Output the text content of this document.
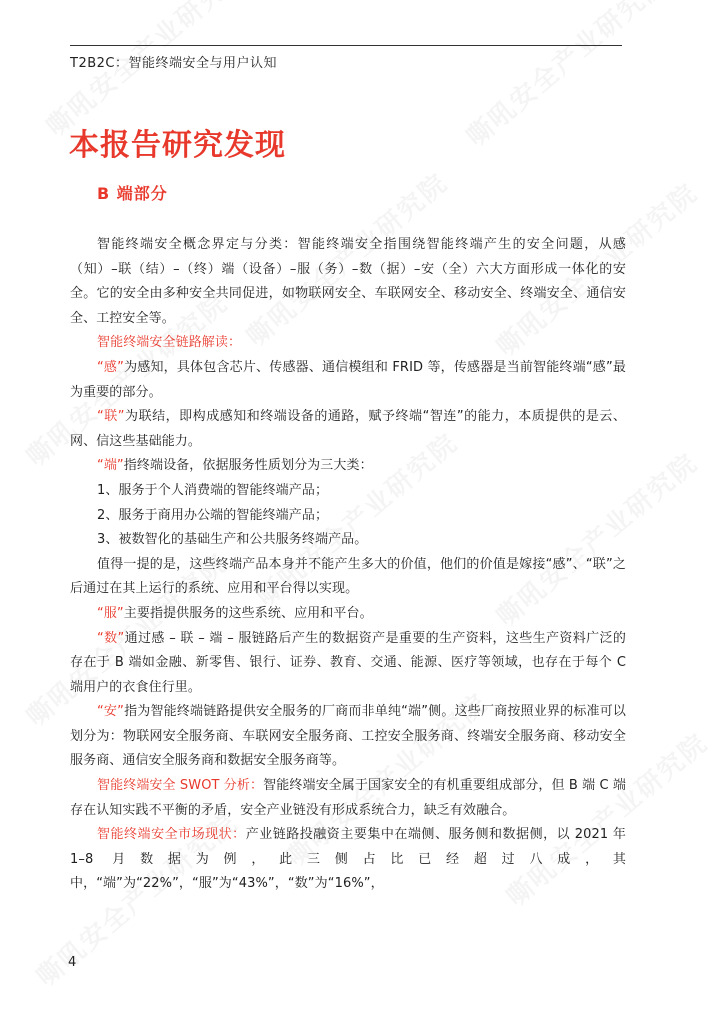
T2B2C：智能终端安全与用户认知
本报告研究发现
B 端部分

智能终端安全概念界定与分类：智能终端安全指围绕智能终端产生的安全问题，从感（知）–联（结）–（终）端（设备）–服（务）–数（据）–安（全）六大方面形成一体化的安全。它的安全由多种安全共同促进，如物联网安全、车联网安全、移动安全、终端安全、通信安全、工控安全等。

智能终端安全链路解读：

“感”为感知，具体包含芯片、传感器、通信模组和 FRID 等，传感器是当前智能终端“感”最为重要的部分。

“联”为联结，即构成感知和终端设备的通路，赋予终端“智连”的能力，本质提供的是云、网、信这些基础能力。

“端”指终端设备，依据服务性质划分为三大类：

1、服务于个人消费端的智能终端产品；

2、服务于商用办公端的智能终端产品；

3、被数智化的基础生产和公共服务终端产品。

值得一提的是，这些终端产品本身并不能产生多大的价值，他们的价值是嫁接“感”、“联”之后通过在其上运行的系统、应用和平台得以实现。

“服”主要指提供服务的这些系统、应用和平台。

“数”通过感 – 联 – 端 – 服链路后产生的数据资产是重要的生产资料，这些生产资料广泛的存在于 B 端如金融、新零售、银行、证券、教育、交通、能源、医疗等领域，也存在于每个 C 端用户的衣食住行里。

“安”指为智能终端链路提供安全服务的厂商而非单纯“端”侧。这些厂商按照业界的标准可以划分为：物联网安全服务商、车联网安全服务商、工控安全服务商、终端安全服务商、移动安全服务商、通信安全服务商和数据安全服务商等。

智能终端安全 SWOT 分析：智能终端安全属于国家安全的有机重要组成部分，但 B 端 C 端存在认知实践不平衡的矛盾，安全产业链没有形成系统合力，缺乏有效融合。

智能终端安全市场现状：产业链路投融资主要集中在端侧、服务侧和数据侧，以 2021 年 1–8 月数据为例，此三侧占比已经超过八成，其中，“端”为“22%”，“服”为“43%”，“数”为“16%”，

4
